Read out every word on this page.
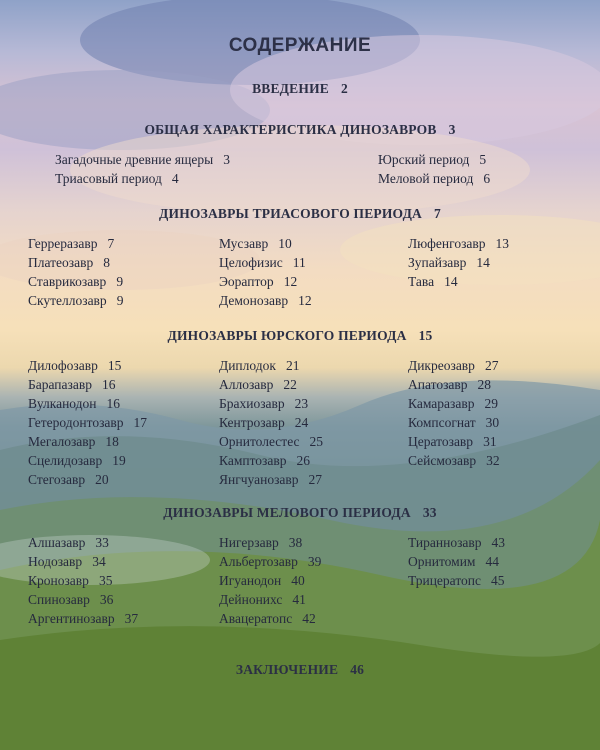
СОДЕРЖАНИЕ
ВВЕДЕНИЕ 2
ОБЩАЯ ХАРАКТЕРИСТИКА ДИНОЗАВРОВ 3
Загадочные древние ящеры 3
Триасовый период 4
Юрский период 5
Меловой период 6
ДИНОЗАВРЫ ТРИАСОВОГО ПЕРИОДА 7
Герреразавр 7
Платеозавр 8
Ставрикозавр 9
Скутеллозавр 9
Мусзавр 10
Целофизис 11
Эораптор 12
Демонозавр 12
Люфенгозавр 13
Зупайзавр 14
Тава 14
ДИНОЗАВРЫ ЮРСКОГО ПЕРИОДА 15
Дилофозавр 15
Барапазавр 16
Вулканодон 16
Гетеродонтозавр 17
Мегалозавр 18
Сцелидозавр 19
Стегозавр 20
Диплодок 21
Аллозавр 22
Брахиозавр 23
Кентрозавр 24
Орнитолестес 25
Камптозавр 26
Янгчуанозавр 27
Дикреозавр 27
Апатозавр 28
Камаразавр 29
Компсогнат 30
Цератозавр 31
Сейсмозавр 32
ДИНОЗАВРЫ МЕЛОВОГО ПЕРИОДА 33
Алшазавр 33
Нодозавр 34
Кронозавр 35
Спинозавр 36
Аргентинозавр 37
Нигерзавр 38
Альбертозавр 39
Игуанодон 40
Дейнонихс 41
Авацератопс 42
Тираннозавр 43
Орнитомим 44
Трицератопс 45
ЗАКЛЮЧЕНИЕ 46
